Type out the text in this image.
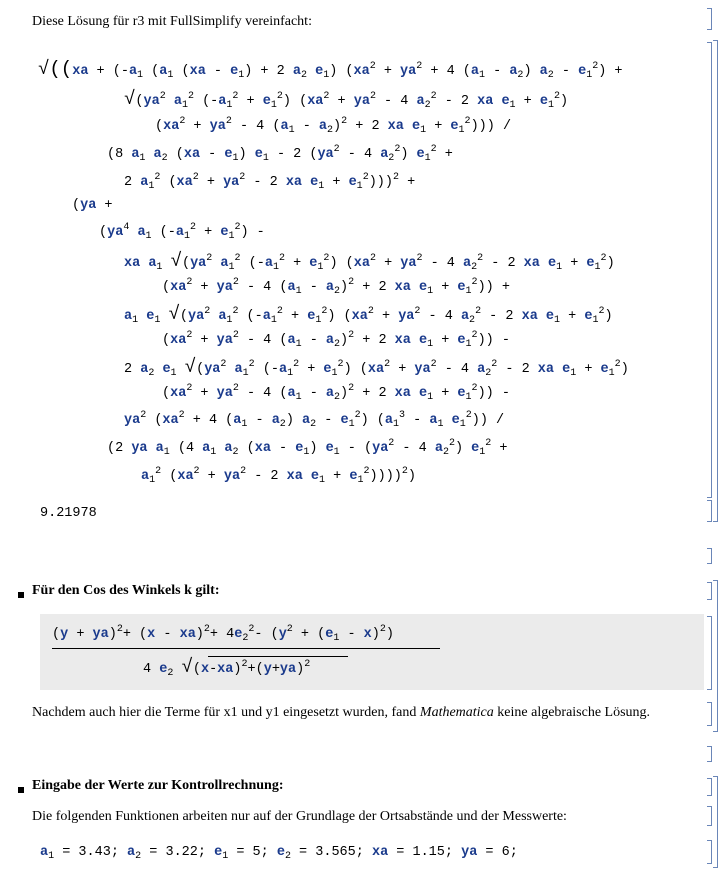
Diese Lösung für r3 mit FullSimplify vereinfacht:
$√((xa + (-a_1$ ($a_1$ $(xa - e_1) + 2$ $a_2$ $e_1$) ($xa^2 + ya^2 + 4$ $(a_1 - a_2)$ $a_2 - e_1^2$) +
$√(ya^2$ $a_1^2$ $(-a_1^2 + e_1^2) (xa^2 + ya^2 - 4$ $a_2^2 - 2$ xa $e_1 + e_1^2$)
($xa^2 + ya^2 - 4$ $(a_1 - a_2)^2 + 2$ xa $e_1 + e_1^2$))) /
(8 $a_1$ $a_2$ $(xa - e_1)$ $e_1 - 2$ ($ya^2 - 4$ $a_2^2$) $e_1^2$ +
2 $a_1^2$ ($xa^2 + ya^2 - 2$ xa $e_1 + e_1^2)))^2$ +
(ya +
($ya^4$ $a_1$ $(-a_1^2 + e_1^2)$ -
xa $a_1$ $√(ya^2$ $a_1^2$ $(-a_1^2 + e_1^2) (xa^2 + ya^2 - 4$ $a_2^2 - 2$ xa $e_1 + e_1^2$)
($xa^2 + ya^2 - 4$ $(a_1 - a_2)^2 + 2$ xa $e_1 + e_1^2$)) +
$a_1$ $e_1$ $√(ya^2$ $a_1^2$ $(-a_1^2 + e_1^2) (xa^2 + ya^2 - 4$ $a_2^2 - 2$ xa $e_1 + e_1^2$)
($xa^2 + ya^2 - 4$ $(a_1 - a_2)^2 + 2$ xa $e_1 + e_1^2$)) -
2 $a_2$ $e_1$ $√(ya^2$ $a_1^2$ $(-a_1^2 + e_1^2) (xa^2 + ya^2 - 4$ $a_2^2 - 2$ xa $e_1 + e_1^2$)
($xa^2 + ya^2 - 4$ $(a_1 - a_2)^2 + 2$ xa $e_1 + e_1^2$)) -
$ya^2$ ($xa^2 + 4$ $(a_1 - a_2)$ $a_2 - e_1^2$) ($a_1^3 - a_1$ $e_1^2$)) /
(2 ya $a_1$ (4 $a_1$ $a_2$ $(xa - e_1)$ $e_1 - (ya^2 - 4$ $a_2^2$) $e_1^2$ +
$a_1^2$ ($xa^2 + ya^2 - 2$ xa $e_1 + e_1^2))))^2$)
9.21978
Für den Cos des Winkels k gilt:
$(y + ya)^2+ (x - xa)^2+ 4e_2^2-$ $(y^2 + (e_1 - x)^2)$
4 $e_2$ $√(x-xa)^2+(y+ya)^2$
Nachdem auch hier die Terme für x1 und y1 eingesetzt wurden, fand Mathematica keine algebraische Lösung.
Eingabe der Werte zur Kontrollrechnung:
Die folgenden Funktionen arbeiten nur auf der Grundlage der Ortsabstände und der Messwerte:
$a_1 = 3.43$; $a_2 = 3.22$; $e_1 = 5$; $e_2 = 3.565$; xa = 1.15; ya = 6;
